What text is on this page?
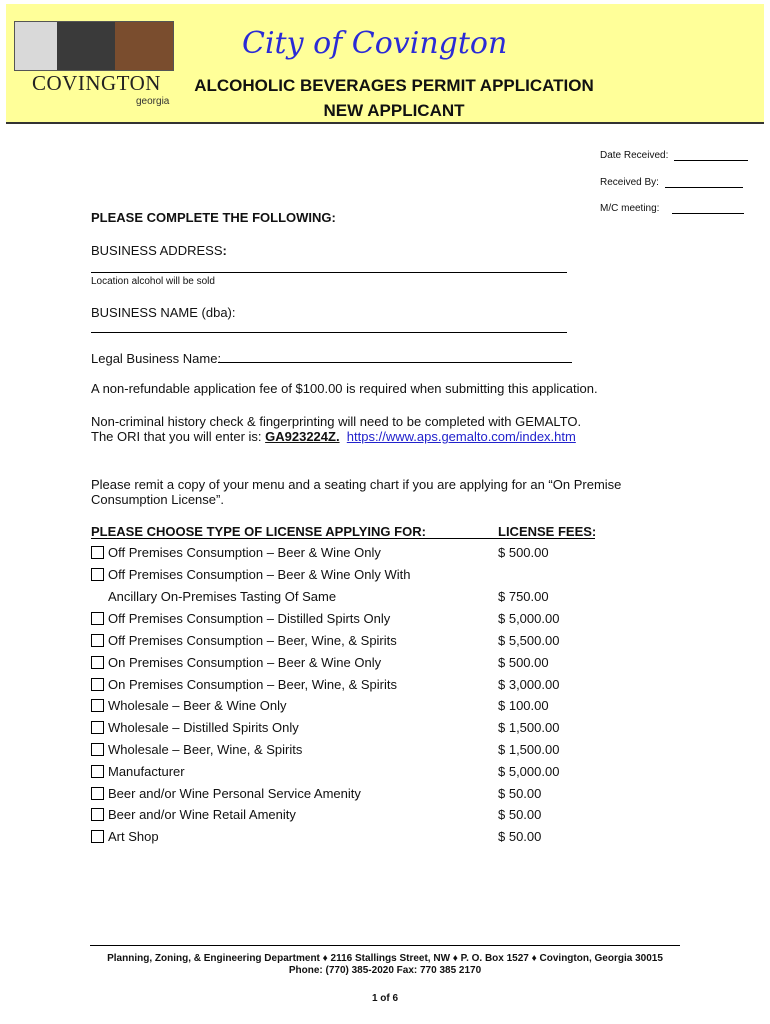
COVINGTON
georgia
City of Covington
ALCOHOLIC BEVERAGES PERMIT APPLICATION
NEW APPLICANT
Date Received:
Received By:
M/C meeting:
PLEASE COMPLETE THE FOLLOWING:
BUSINESS ADDRESS:
Location alcohol will be sold
BUSINESS NAME (dba):
Legal Business Name:
A non-refundable application fee of $100.00 is required when submitting this application.
Non-criminal history check & fingerprinting will need to be completed with GEMALTO.
The ORI that you will enter is: GA923224Z. https://www.aps.gemalto.com/index.htm
Please remit a copy of your menu and a seating chart if you are applying for an “On Premise
Consumption License”.
PLEASE CHOOSE TYPE OF LICENSE APPLYING FOR:	LICENSE FEES:
Off Premises Consumption – Beer & Wine Only	$ 500.00
Off Premises Consumption – Beer & Wine Only With
Ancillary On-Premises Tasting Of Same	$ 750.00
Off Premises Consumption – Distilled Spirts Only	$ 5,000.00
Off Premises Consumption – Beer, Wine, & Spirits	$ 5,500.00
On Premises Consumption – Beer & Wine Only	$ 500.00
On Premises Consumption – Beer, Wine, & Spirits	$ 3,000.00
Wholesale – Beer & Wine Only	$ 100.00
Wholesale – Distilled Spirits Only	$ 1,500.00
Wholesale – Beer, Wine, & Spirits	$ 1,500.00
Manufacturer	$ 5,000.00
Beer and/or Wine Personal Service Amenity	$ 50.00
Beer and/or Wine Retail Amenity	$ 50.00
Art Shop	$ 50.00
Planning, Zoning, & Engineering Department ♦ 2116 Stallings Street, NW ♦ P. O. Box 1527 ♦ Covington, Georgia 30015
Phone: (770) 385-2020 Fax: 770 385 2170
1 of 6
